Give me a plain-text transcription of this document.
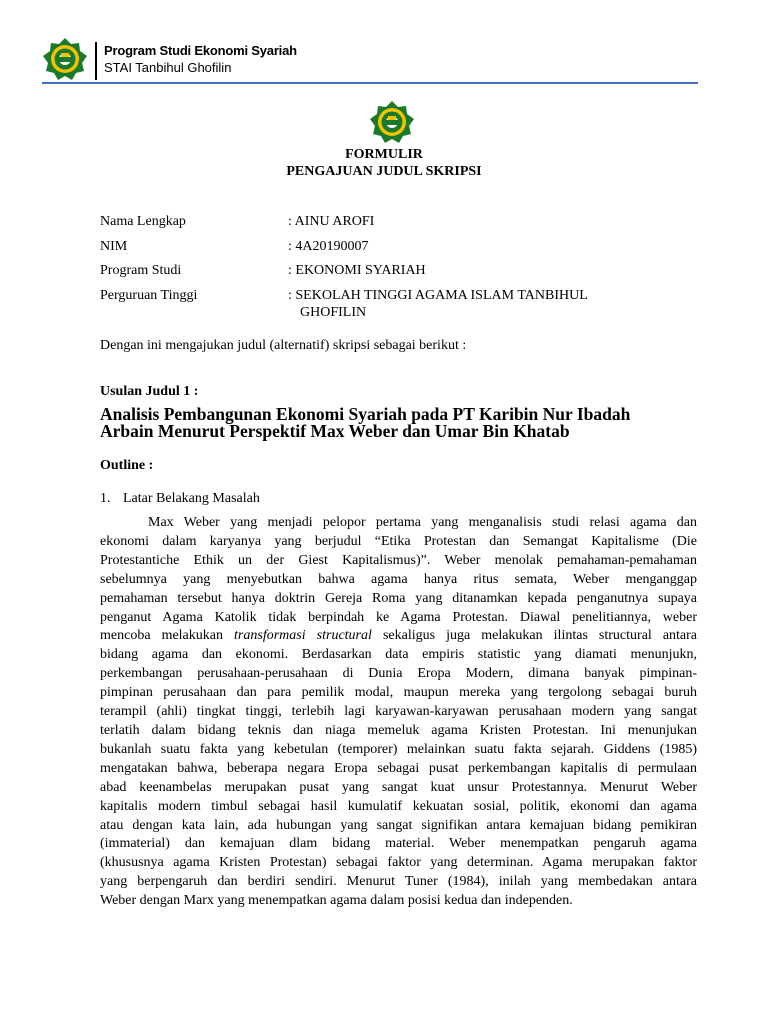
Program Studi Ekonomi Syariah
STAI Tanbihul Ghofilin
FORMULIR
PENGAJUAN JUDUL SKRIPSI
Nama Lengkap	: AINU AROFI
NIM	: 4A20190007
Program Studi	: EKONOMI SYARIAH
Perguruan Tinggi	: SEKOLAH TINGGI AGAMA ISLAM TANBIHUL
GHOFILIN
Dengan ini mengajukan judul (alternatif) skripsi sebagai berikut :
Usulan Judul 1 :
Analisis Pembangunan Ekonomi Syariah pada PT Karibin Nur Ibadah
Arbain Menurut Perspektif Max Weber dan Umar Bin Khatab
Outline :
1. Latar Belakang Masalah
Max Weber yang menjadi pelopor pertama yang menganalisis studi relasi agama dan
ekonomi dalam karyanya yang berjudul “Etika Protestan dan Semangat Kapitalisme (Die
Protestantiche Ethik un der Giest Kapitalismus)”. Weber menolak pemahaman-pemahaman
sebelumnya yang menyebutkan bahwa agama hanya ritus semata, Weber menganggap
pemahaman tersebut hanya doktrin Gereja Roma yang ditanamkan kepada penganutnya supaya
penganut Agama Katolik tidak berpindah ke Agama Protestan. Diawal penelitiannya, weber
mencoba melakukan transformasi structural sekaligus juga melakukan ilintas structural antara
bidang agama dan ekonomi. Berdasarkan data empiris statistic yang diamati menunjukn,
perkembangan perusahaan-perusahaan di Dunia Eropa Modern, dimana banyak pimpinan-
pimpinan perusahaan dan para pemilik modal, maupun mereka yang tergolong sebagai buruh
terampil (ahli) tingkat tinggi, terlebih lagi karyawan-karyawan perusahaan modern yang sangat
terlatih dalam bidang teknis dan niaga memeluk agama Kristen Protestan. Ini menunjukan
bukanlah suatu fakta yang kebetulan (temporer) melainkan suatu fakta sejarah. Giddens (1985)
mengatakan bahwa, beberapa negara Eropa sebagai pusat perkembangan kapitalis di permulaan
abad keenambelas merupakan pusat yang sangat kuat unsur Protestannya. Menurut Weber
kapitalis modern timbul sebagai hasil kumulatif kekuatan sosial, politik, ekonomi dan agama
atau dengan kata lain, ada hubungan yang sangat signifikan antara kemajuan bidang pemikiran
(immaterial) dan kemajuan dlam bidang material. Weber menempatkan pengaruh agama
(khususnya agama Kristen Protestan) sebagai faktor yang determinan. Agama merupakan faktor
yang berpengaruh dan berdiri sendiri. Menurut Tuner (1984), inilah yang membedakan antara
Weber dengan Marx yang menempatkan agama dalam posisi kedua dan independen.
